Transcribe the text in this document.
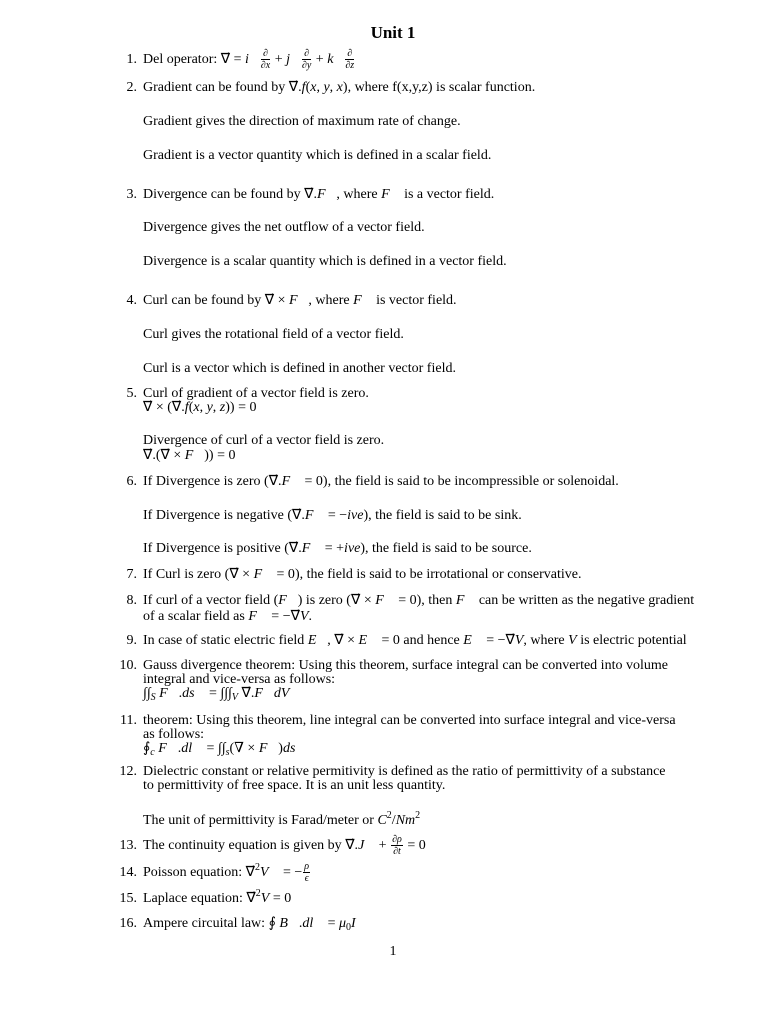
Unit 1
1. Del operator: ∇⃗ = i⃗ $\frac{\partial}{\partial x}$ + j⃗ $\frac{\partial}{\partial y}$ + k⃗ $\frac{\partial}{\partial z}$
2. Gradient can be found by ∇⃗.f(x, y, x), where f(x,y,z) is scalar function.
Gradient gives the direction of maximum rate of change.
Gradient is a vector quantity which is defined in a scalar field.
3. Divergence can be found by ∇⃗.F⃗, where F⃗ is a vector field.
Divergence gives the net outflow of a vector field.
Divergence is a scalar quantity which is defined in a vector field.
4. Curl can be found by ∇⃗ × F⃗, where F⃗ is vector field.
Curl gives the rotational field of a vector field.
Curl is a vector which is defined in another vector field.
5. Curl of gradient of a vector field is zero.
∇⃗ × (∇⃗.f(x, y, z)) = 0
Divergence of curl of a vector field is zero.
∇⃗.(∇⃗ × F⃗)) = 0
6. If Divergence is zero (∇⃗.F⃗ = 0), the field is said to be incompressible or solenoidal.
If Divergence is negative (∇⃗.F⃗ = −ive), the field is said to be sink.
If Divergence is positive (∇⃗.F⃗ = +ive), the field is said to be source.
7. If Curl is zero (∇⃗ × F⃗ = 0), the field is said to be irrotational or conservative.
8. If curl of a vector field (F⃗) is zero (∇⃗ × F⃗ = 0), then F⃗ can be written as the negative gradient
of a scalar field as F⃗ = −∇⃗V.
9. In case of static electric field E⃗, ∇⃗ × E⃗ = 0 and hence E⃗ = −∇⃗V, where V is electric potential
10. Gauss divergence theorem: Using this theorem, surface integral can be converted into volume
integral and vice-versa as follows:
$\int\int_S$ F⃗.ds⃗ = $\int\int\int_V$ ∇⃗.F⃗dV
11. theorem: Using this theorem, line integral can be converted into surface integral and vice-versa
as follows:
$∮_c$ F⃗.dl⃗ = $\int\int_s(\nabla$ × F⃗)ds⃗
12. Dielectric constant or relative permitivity is defined as the ratio of permittivity of a substance
to permittivity of free space. It is an unit less quantity.
The unit of permittivity is Farad/meter or $C^2/Nm^2$
13. The continuity equation is given by ∇⃗.J⃗ + $\frac{\partial\rho}{\partial t} = 0$
14. Poisson equation: ∇⃗$^2$V⃗ = − $\frac{\rho}{\epsilon}$
15. Laplace equation: ∇⃗$^2$V = 0
16. Ampere circuital law: ∮ B⃗.dl⃗ = $\mu_0I$
1
